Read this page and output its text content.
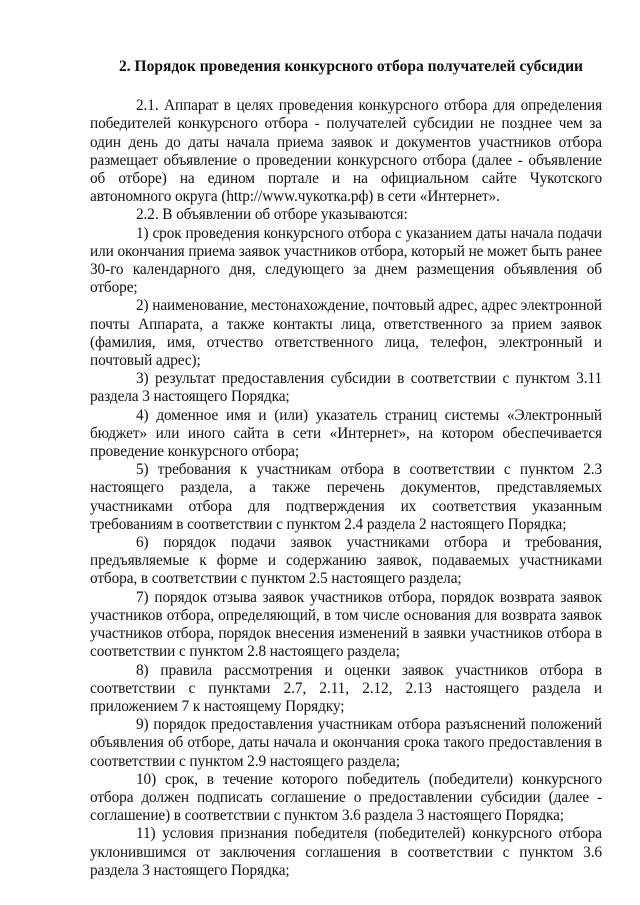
2. Порядок проведения конкурсного отбора получателей субсидии

2.1. Аппарат в целях проведения конкурсного отбора для определения победителей конкурсного отбора - получателей субсидии не позднее чем за один день до даты начала приема заявок и документов участников отбора размещает объявление о проведении конкурсного отбора (далее - объявление об отборе) на едином портале и на официальном сайте Чукотского автономного округа (http://www.чукотка.рф) в сети «Интернет».

2.2. В объявлении об отборе указываются:

1) срок проведения конкурсного отбора с указанием даты начала подачи или окончания приема заявок участников отбора, который не может быть ранее 30-го календарного дня, следующего за днем размещения объявления об отборе;

2) наименование, местонахождение, почтовый адрес, адрес электронной почты Аппарата, а также контакты лица, ответственного за прием заявок (фамилия, имя, отчество ответственного лица, телефон, электронный и почтовый адрес);

3) результат предоставления субсидии в соответствии с пунктом 3.11 раздела 3 настоящего Порядка;

4) доменное имя и (или) указатель страниц системы «Электронный бюджет» или иного сайта в сети «Интернет», на котором обеспечивается проведение конкурсного отбора;

5) требования к участникам отбора в соответствии с пунктом 2.3 настоящего раздела, а также перечень документов, представляемых участниками отбора для подтверждения их соответствия указанным требованиям в соответствии с пунктом 2.4 раздела 2 настоящего Порядка;

6) порядок подачи заявок участниками отбора и требования, предъявляемые к форме и содержанию заявок, подаваемых участниками отбора, в соответствии с пунктом 2.5 настоящего раздела;

7) порядок отзыва заявок участников отбора, порядок возврата заявок участников отбора, определяющий, в том числе основания для возврата заявок участников отбора, порядок внесения изменений в заявки участников отбора в соответствии с пунктом 2.8 настоящего раздела;

8) правила рассмотрения и оценки заявок участников отбора в соответствии с пунктами 2.7, 2.11, 2.12, 2.13 настоящего раздела и приложением 7 к настоящему Порядку;

9) порядок предоставления участникам отбора разъяснений положений объявления об отборе, даты начала и окончания срока такого предоставления в соответствии с пунктом 2.9 настоящего раздела;

10) срок, в течение которого победитель (победители) конкурсного отбора должен подписать соглашение о предоставлении субсидии (далее - соглашение) в соответствии с пунктом 3.6 раздела 3 настоящего Порядка;

11) условия признания победителя (победителей) конкурсного отбора уклонившимся от заключения соглашения в соответствии с пунктом 3.6 раздела 3 настоящего Порядка;
